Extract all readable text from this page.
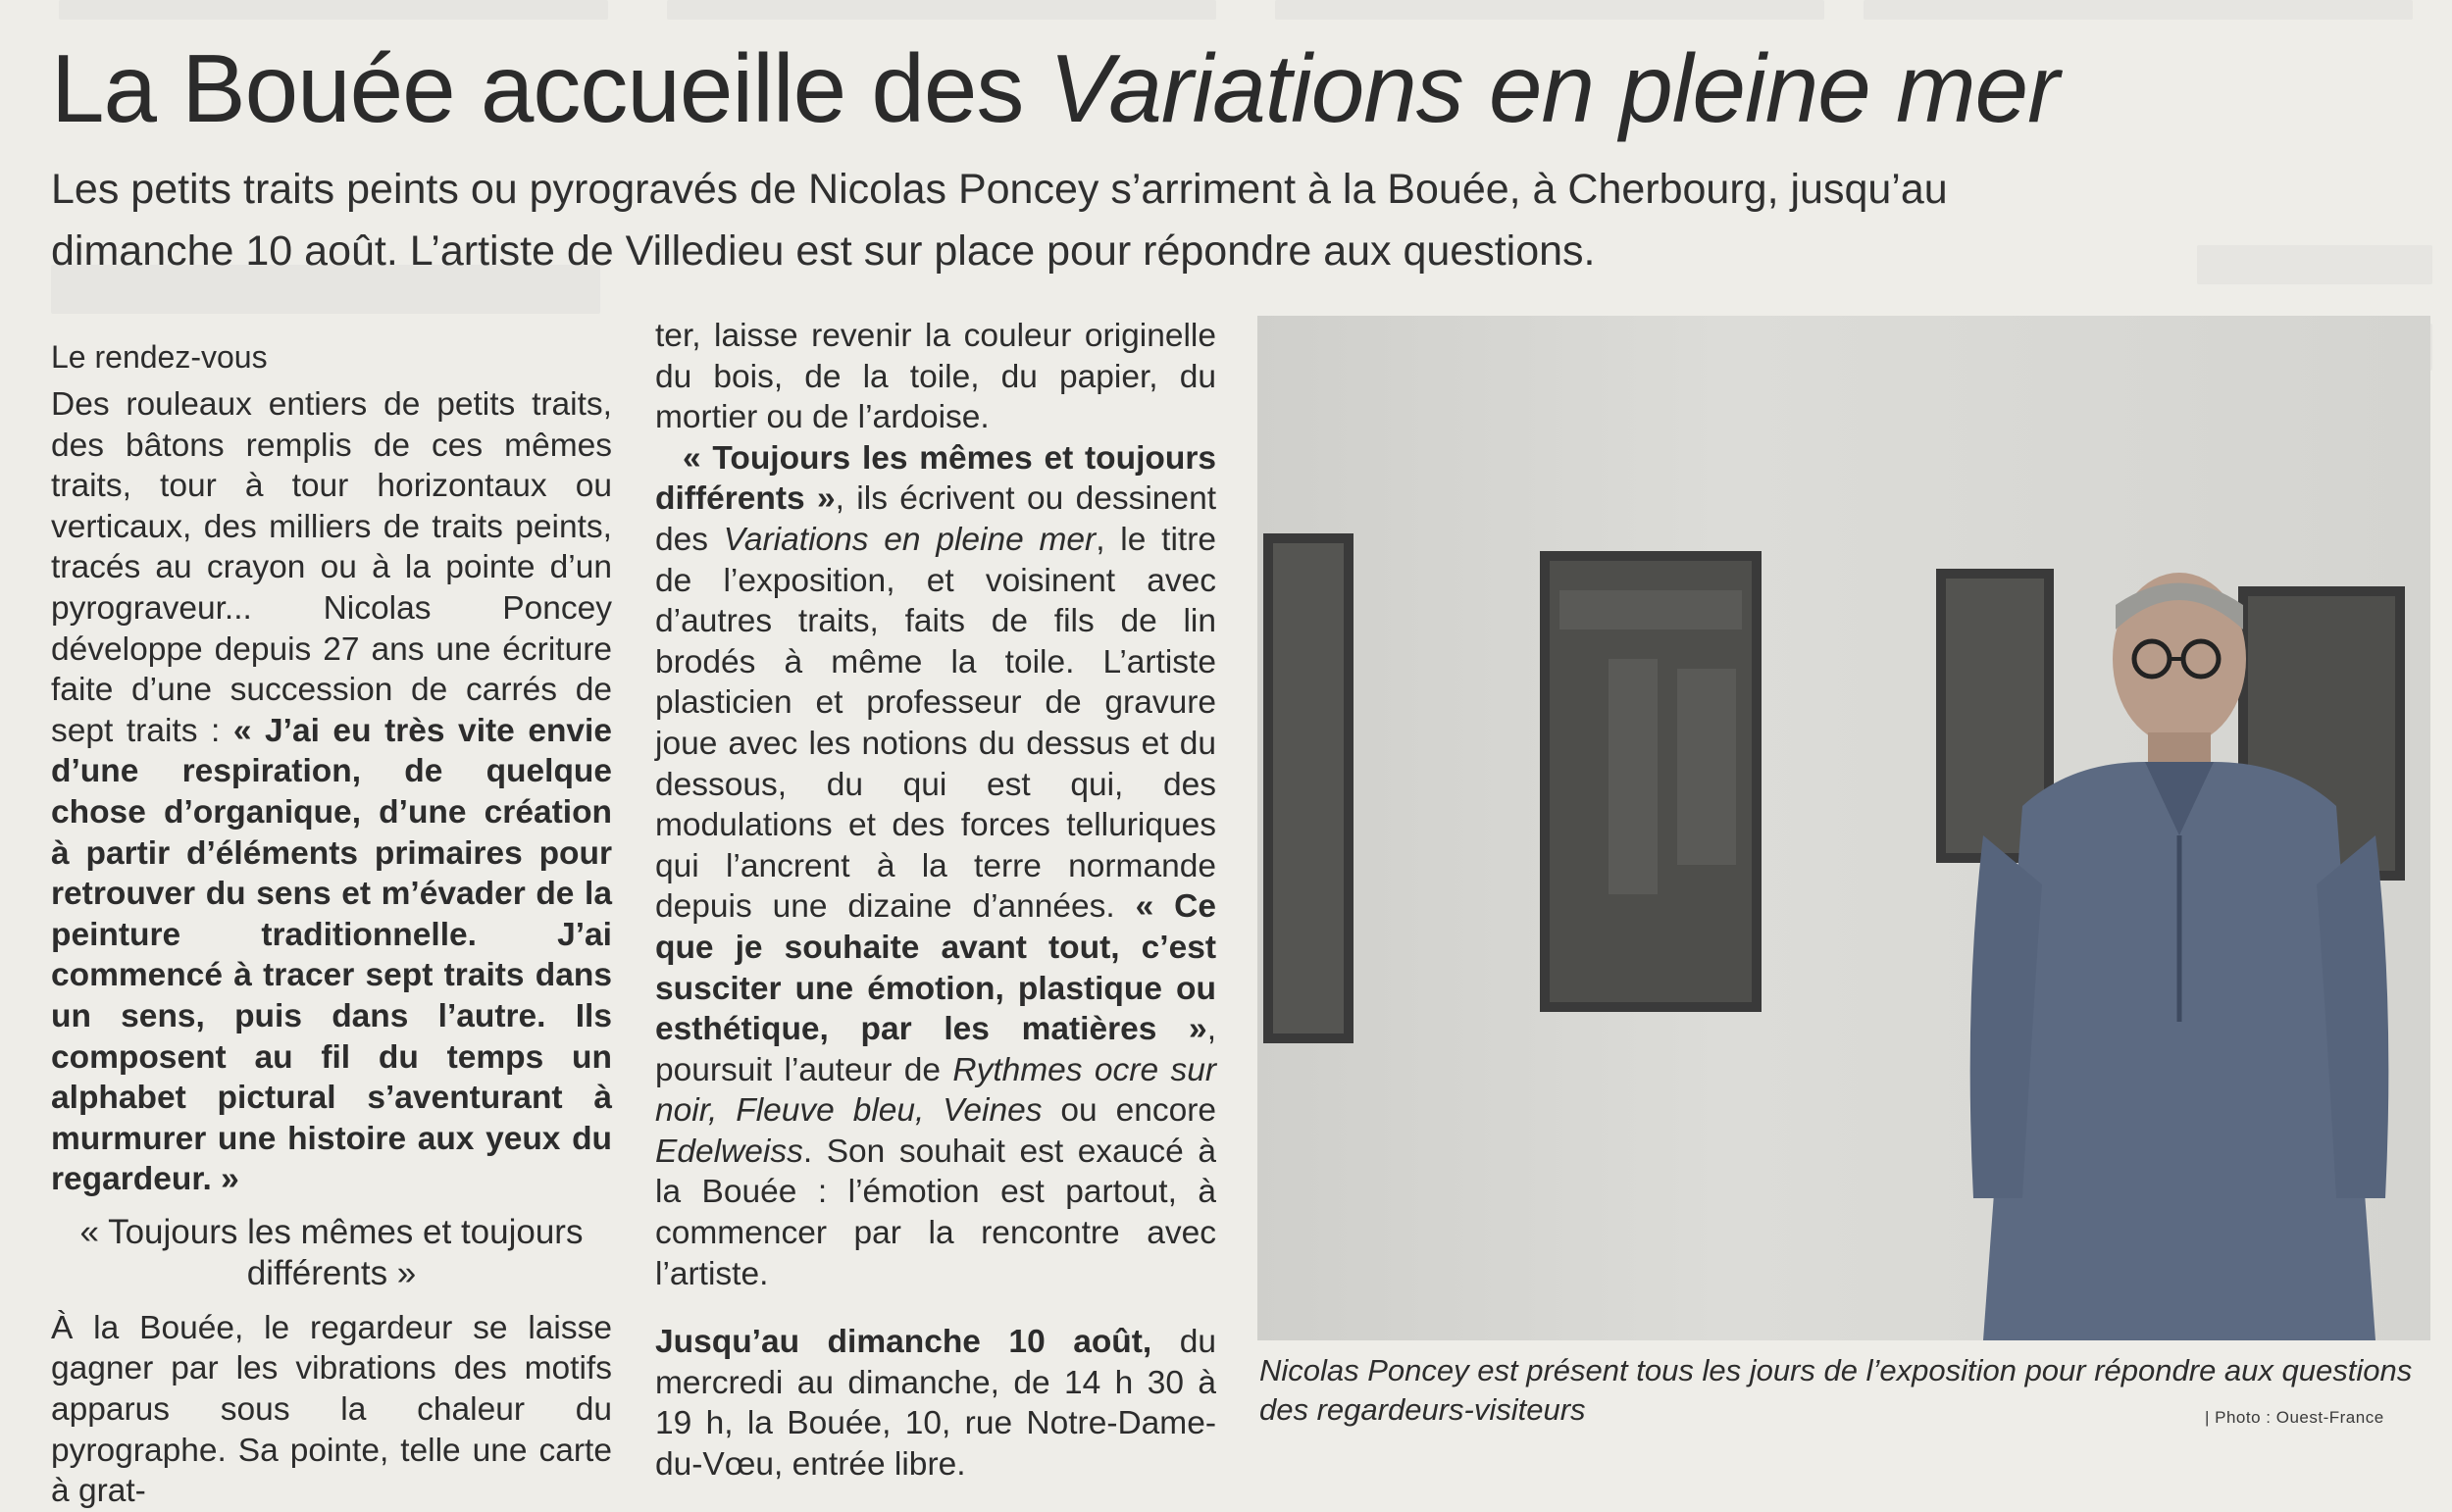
La Bouée accueille des Variations en pleine mer
Les petits traits peints ou pyrogravés de Nicolas Poncey s’arriment à la Bouée, à Cherbourg, jusqu’au dimanche 10 août. L’artiste de Villedieu est sur place pour répondre aux questions.

Le rendez-vous

Des rouleaux entiers de petits traits, des bâtons remplis de ces mêmes traits, tour à tour horizontaux ou verticaux, des milliers de traits peints, tracés au crayon ou à la pointe d’un pyrograveur... Nicolas Poncey développe depuis 27 ans une écriture faite d’une succession de carrés de sept traits : « J’ai eu très vite envie d’une respiration, de quelque chose d’organique, d’une création à partir d’éléments primaires pour retrouver du sens et m’évader de la peinture traditionnelle. J’ai commencé à tracer sept traits dans un sens, puis dans l’autre. Ils composent au fil du temps un alphabet pictural s’aventurant à murmurer une histoire aux yeux du regardeur. »

« Toujours les mêmes et toujours différents »

À la Bouée, le regardeur se laisse gagner par les vibrations des motifs apparus sous la chaleur du pyrographe. Sa pointe, telle une carte à grat-

ter, laisse revenir la couleur originelle du bois, de la toile, du papier, du mortier ou de l’ardoise.

« Toujours les mêmes et toujours différents », ils écrivent ou dessinent des Variations en pleine mer, le titre de l’exposition, et voisinent avec d’autres traits, faits de fils de lin brodés à même la toile. L’artiste plasticien et professeur de gravure joue avec les notions du dessus et du dessous, du qui est qui, des modulations et des forces telluriques qui l’ancrent à la terre normande depuis une dizaine d’années. « Ce que je souhaite avant tout, c’est susciter une émotion, plastique ou esthétique, par les matières », poursuit l’auteur de Rythmes ocre sur noir, Fleuve bleu, Veines ou encore Edelweiss. Son souhait est exaucé à la Bouée : l’émotion est partout, à commencer par la rencontre avec l’artiste.

Jusqu’au dimanche 10 août, du mercredi au dimanche, de 14 h 30 à 19 h, la Bouée, 10, rue Notre-Dame-du-Vœu, entrée libre.

Nicolas Poncey est présent tous les jours de l’exposition pour répondre aux questions des regardeurs-visiteurs	| Photo : Ouest-France
